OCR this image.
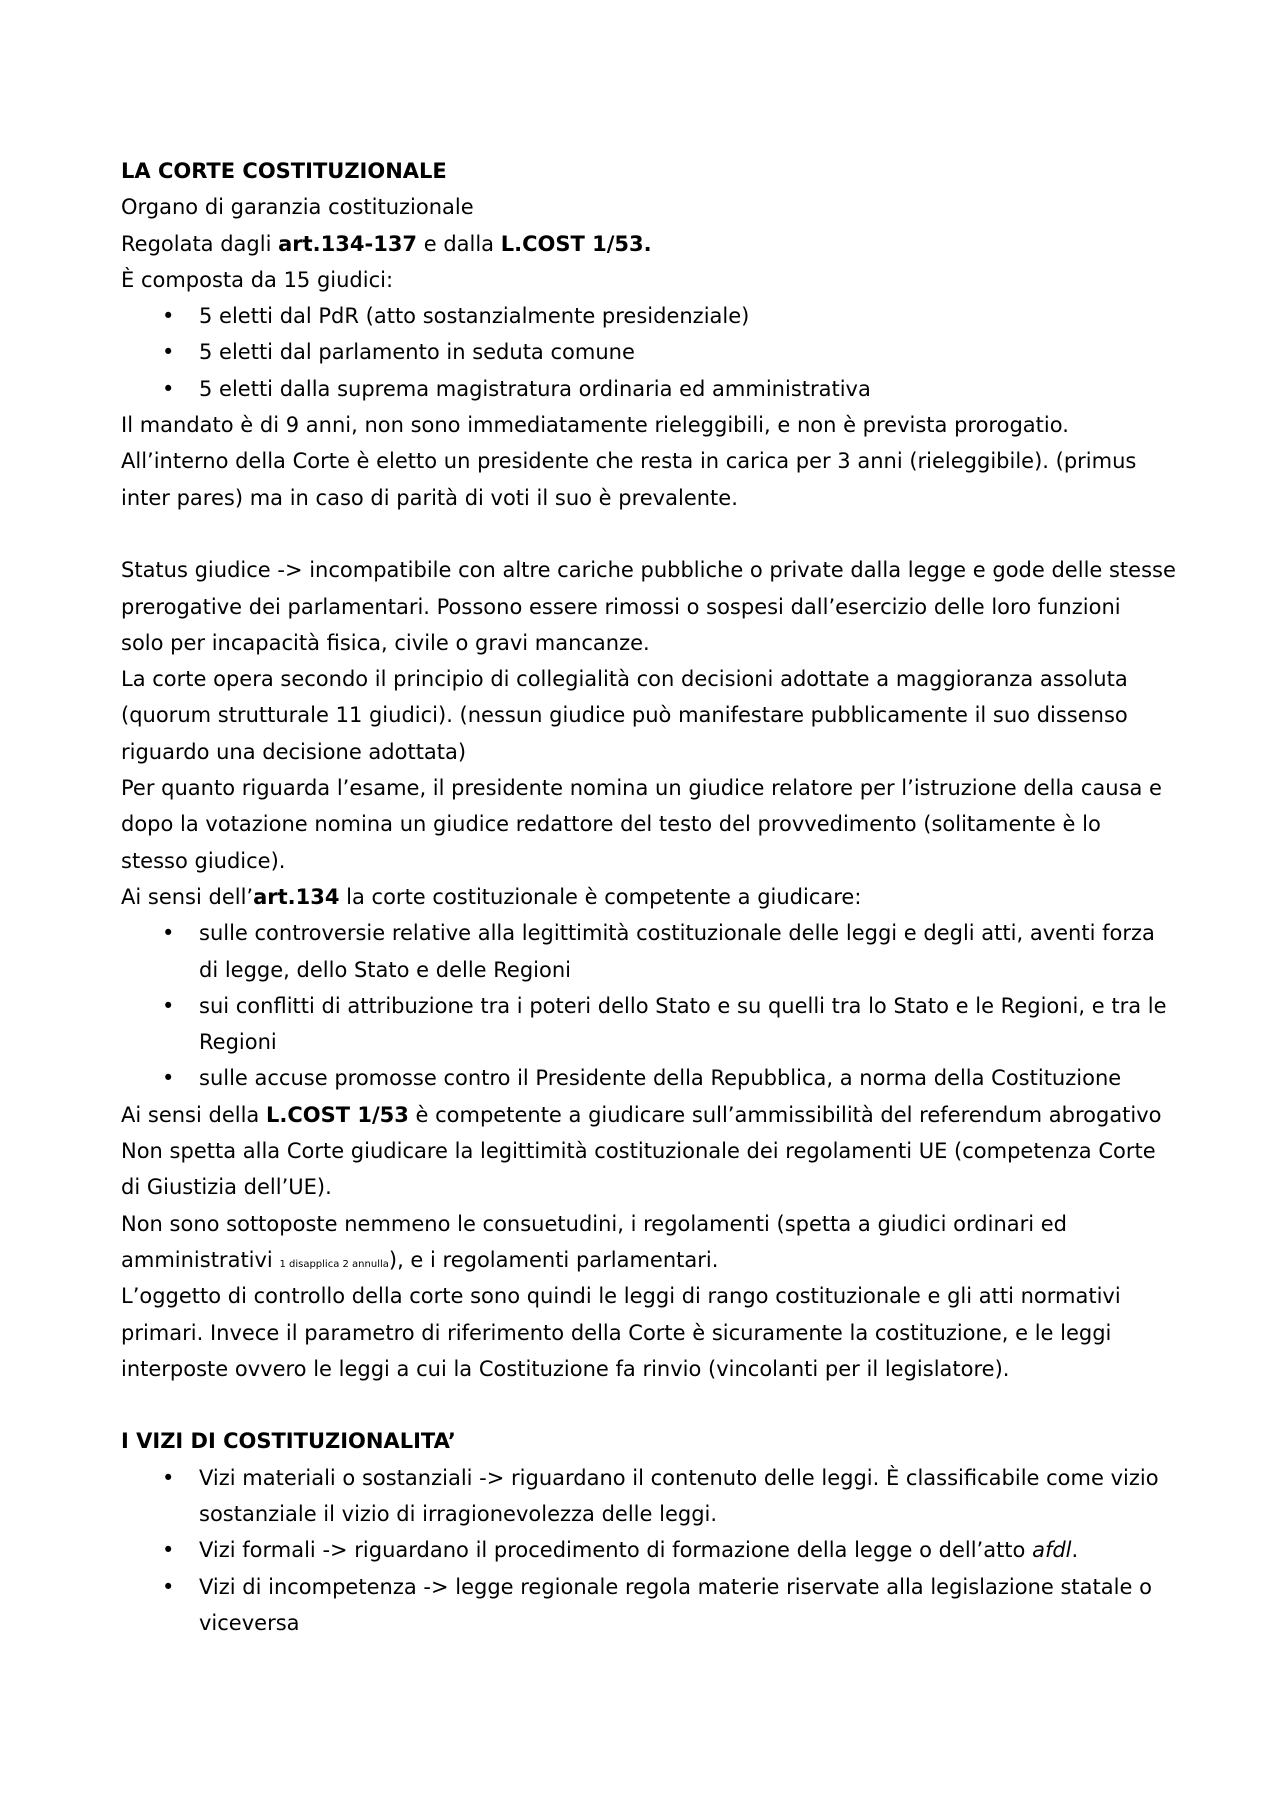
LA CORTE COSTITUZIONALE
Organo di garanzia costituzionale
Regolata dagli art.134-137 e dalla L.COST 1/53.
È composta da 15 giudici:
• 5 eletti dal PdR (atto sostanzialmente presidenziale)
• 5 eletti dal parlamento in seduta comune
• 5 eletti dalla suprema magistratura ordinaria ed amministrativa
Il mandato è di 9 anni, non sono immediatamente rieleggibili, e non è prevista prorogatio.
All’interno della Corte è eletto un presidente che resta in carica per 3 anni (rieleggibile). (primus
inter pares) ma in caso di parità di voti il suo è prevalente.
Status giudice -> incompatibile con altre cariche pubbliche o private dalla legge e gode delle stesse
prerogative dei parlamentari. Possono essere rimossi o sospesi dall’esercizio delle loro funzioni
solo per incapacità fisica, civile o gravi mancanze.
La corte opera secondo il principio di collegialità con decisioni adottate a maggioranza assoluta
(quorum strutturale 11 giudici). (nessun giudice può manifestare pubblicamente il suo dissenso
riguardo una decisione adottata)
Per quanto riguarda l’esame, il presidente nomina un giudice relatore per l’istruzione della causa e
dopo la votazione nomina un giudice redattore del testo del provvedimento (solitamente è lo
stesso giudice).
Ai sensi dell’art.134 la corte costituzionale è competente a giudicare:
• sulle controversie relative alla legittimità costituzionale delle leggi e degli atti, aventi forza
di legge, dello Stato e delle Regioni
• sui conflitti di attribuzione tra i poteri dello Stato e su quelli tra lo Stato e le Regioni, e tra le
Regioni
• sulle accuse promosse contro il Presidente della Repubblica, a norma della Costituzione
Ai sensi della L.COST 1/53 è competente a giudicare sull’ammissibilità del referendum abrogativo
Non spetta alla Corte giudicare la legittimità costituzionale dei regolamenti UE (competenza Corte
di Giustizia dell’UE).
Non sono sottoposte nemmeno le consuetudini, i regolamenti (spetta a giudici ordinari ed
amministrativi 1 disapplica 2 annulla), e i regolamenti parlamentari.
L’oggetto di controllo della corte sono quindi le leggi di rango costituzionale e gli atti normativi
primari. Invece il parametro di riferimento della Corte è sicuramente la costituzione, e le leggi
interposte ovvero le leggi a cui la Costituzione fa rinvio (vincolanti per il legislatore).
I VIZI DI COSTITUZIONALITA’
• Vizi materiali o sostanziali -> riguardano il contenuto delle leggi. È classificabile come vizio
sostanziale il vizio di irragionevolezza delle leggi.
• Vizi formali -> riguardano il procedimento di formazione della legge o dell’atto afdl.
• Vizi di incompetenza -> legge regionale regola materie riservate alla legislazione statale o
viceversa
